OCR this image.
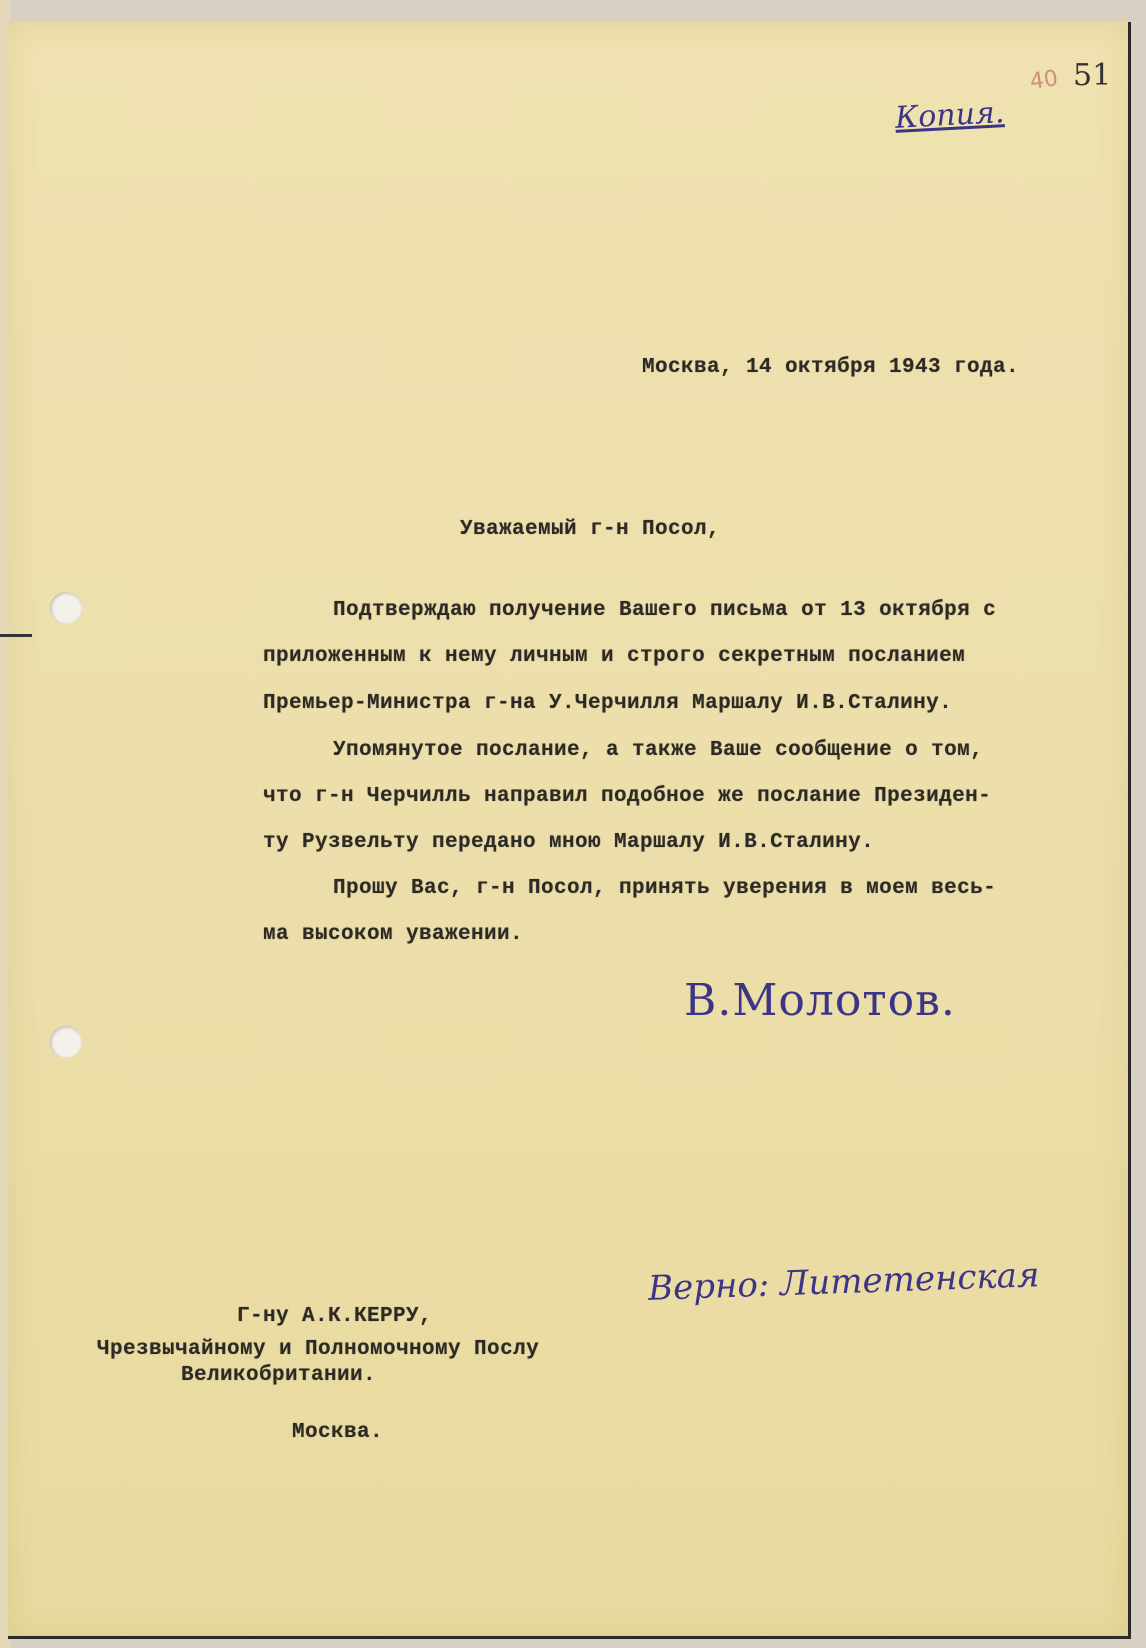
Копия.
40 51
Москва, 14 октября 1943 года.
Уважаемый г-н Посол,
Подтверждаю получение Вашего письма от 13 октября с
приложенным к нему личным и строго секретным посланием
Премьер-Министра г-на У.Черчилля Маршалу И.В.Сталину.
Упомянутое послание, а также Ваше сообщение о том,
что г-н Черчилль направил подобное же послание Президен-
ту Рузвельту передано мною Маршалу И.В.Сталину.
Прошу Вас, г-н Посол, принять уверения в моем весь-
ма высоком уважении.
В.Молотов.
Верно: Литетенская
Г-ну А.К.КЕРРУ,
Чрезвычайному и Полномочному Послу
Великобритании.
Москва.
